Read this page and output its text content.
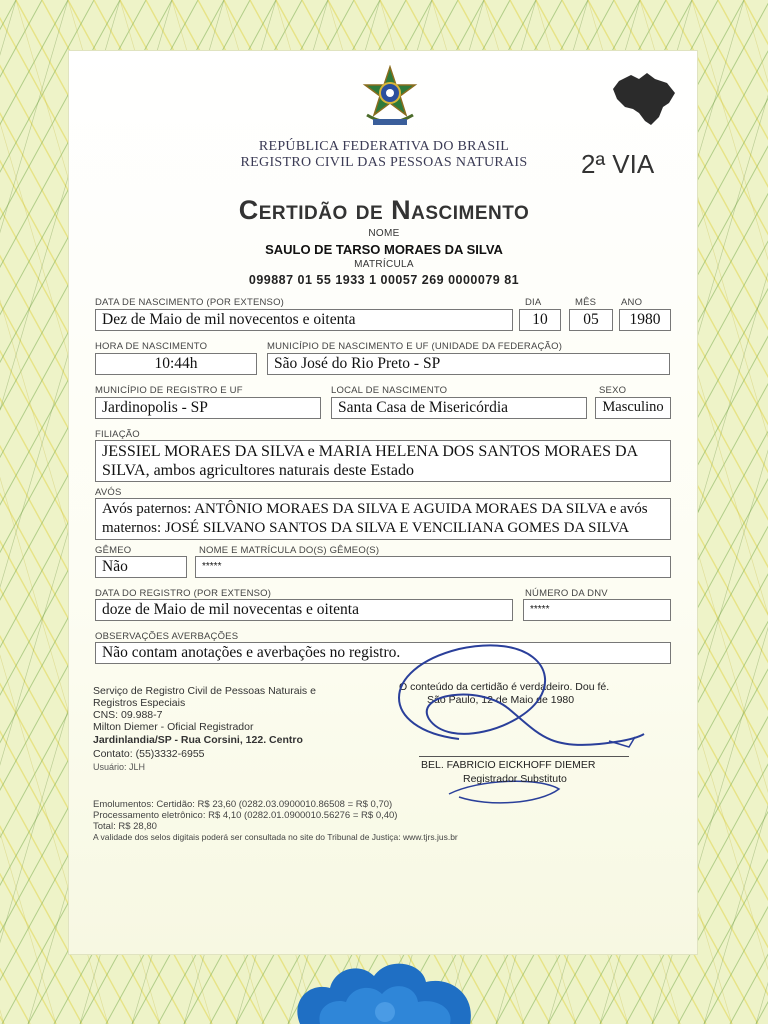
REPÚBLICA FEDERATIVA DO BRASIL
REGISTRO CIVIL DAS PESSOAS NATURAIS	2ª VIA
Certidão de Nascimento
NOME
SAULO DE TARSO MORAES DA SILVA
MATRÍCULA
099887 01 55 1933 1 00057 269 0000079 81
DATA DE NASCIMENTO (POR EXTENSO)
Dez de Maio de mil novecentos e oitenta
DIA
10
MÊS
05
ANO
1980
HORA DE NASCIMENTO
10:44h
MUNICÍPIO DE NASCIMENTO E UF (UNIDADE DA FEDERAÇÃO)
São José do Rio Preto - SP
MUNICÍPIO DE REGISTRO E UF
Jardinopolis - SP
LOCAL DE NASCIMENTO
Santa Casa de Misericórdia
SEXO
Masculino
FILIAÇÃO
JESSIEL MORAES DA SILVA e MARIA HELENA DOS SANTOS MORAES DA SILVA, ambos agricultores naturais deste Estado
AVÓS
Avós paternos: ANTÔNIO MORAES DA SILVA E AGUIDA MORAES DA SILVA e avós maternos: JOSÉ SILVANO SANTOS DA SILVA E VENCILIANA GOMES DA SILVA
GÊMEO
Não
NOME E MATRÍCULA DO(S) GÊMEO(S)
*****
DATA DO REGISTRO (POR EXTENSO)
doze de Maio de mil novecentas e oitenta
NÚMERO DA DNV
*****
OBSERVAÇÕES AVERBAÇÕES
Não contam anotações e averbações no registro.
Serviço de Registro Civil de Pessoas Naturais e
Registros Especiais
CNS: 09.988-7
Milton Diemer - Oficial Registrador
Jardinlandia/SP - Rua Corsini, 122. Centro
Contato: (55)3332-6955
Usuário: JLH
O conteúdo da certidão é verdadeiro. Dou fé.
São Paulo, 12 de Maio de 1980
BEL. FABRICIO EICKHOFF DIEMER
Registrador Substituto
Emolumentos: Certidão: R$ 23,60 (0282.03.0900010.86508 = R$ 0,70)
Processamento eletrônico: R$ 4,10 (0282.01.0900010.56276 = R$ 0,40)
Total: R$ 28,80
A validade dos selos digitais poderá ser consultada no site do Tribunal de Justiça: www.tjrs.jus.br
